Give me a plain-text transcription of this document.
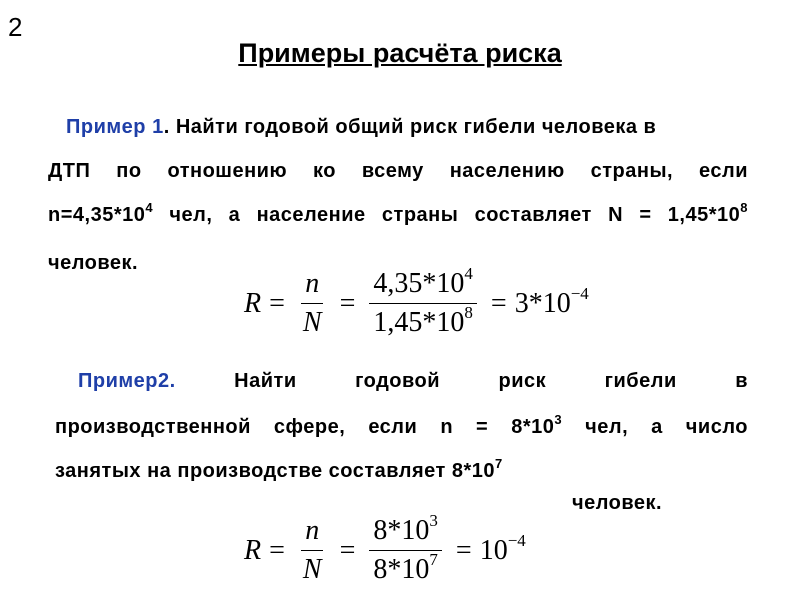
2
Примеры расчёта риска
Пример 1. Найти годовой общий риск гибели человека в
ДТП по отношению ко всему населению страны, если
$n=4,35*10^4$ чел, а население страны составляет $N = 1,45*10^8$
человек.
$R = \frac{n}{N} = \frac{4,35*10^4}{1,45*10^8} = 3*10^{-4}$
Пример2.	Найти годовой риск гибели в
производственной сфере, если $n = 8*10^3$ чел, а число
занятых на производстве составляет $8*10^7$
человек.
$R = \frac{n}{N} = \frac{8*10^3}{8*10^7} = 10^{-4}$
